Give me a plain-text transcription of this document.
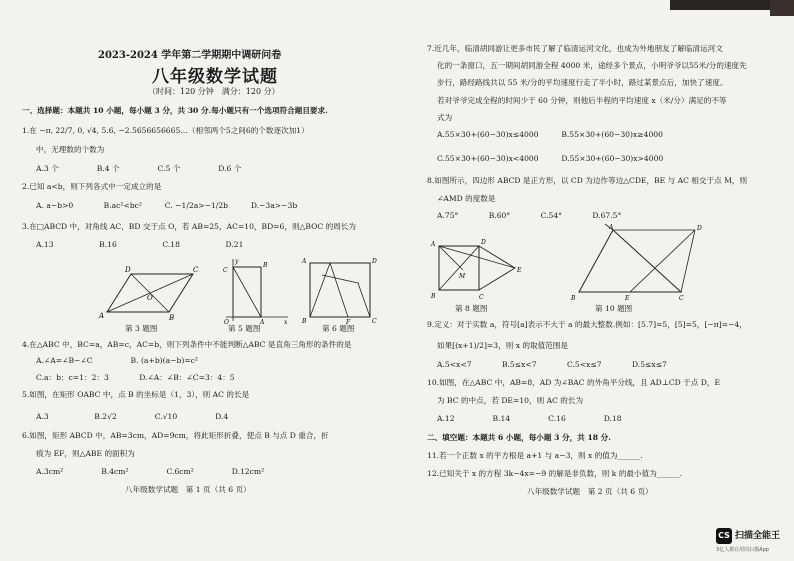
2023-2024 学年第二学期期中调研问卷
八年级数学试题
（时间：120 分钟　满分：120 分）
一、选择题：本题共 10 小题，每小题 3 分，共 30 分.每小题只有一个选项符合题目要求.
1.在 −π, 22/7, 0, √4, 5.6, −2.5656656665…（相邻两个5之间6的个数逐次加1）
中，无理数的个数为
A.3 个　　　　　B.4 个　　　　　C.5 个　　　　　D.6 个
2.已知 a<b，则下列各式中一定成立的是
A. a−b>0　　　　B.ac²<bc²　　　C. −1/2a>−1/2b　　　D.−3a>−3b
3.在□ABCD 中，对角线 AC，BD 交于点 O，若 AB=25，AC=10，BD=6，则△BOC 的周长为
A.13　　　　　　B.16　　　　　　C.18　　　　　　D.21
A
D	C
B
O
第 3 题图
y
C
B
O	A	x
第 5 题图
A	D
B	C
F
第 6 题图
4.在△ABC 中，BC=a，AB=c，AC=b，则下列条件中不能判断△ABC 是直角三角形的条件的是
A.∠A=∠B−∠C　　　　　B. (a+b)(a−b)=c²
C.a：b：c=1：2：3　　　　D.∠A：∠B：∠C=3：4：5
5.如图，在矩形 OABC 中，点 B 的坐标是（1，3），则 AC 的长是
A.3　　　　　　B.2√2　　　　　C.√10　　　　　D.4
6.如图，矩形 ABCD 中，AB=3cm，AD=9cm，将此矩形折叠，使点 B 与点 D 重合，折
痕为 EF，则△ABE 的面积为
A.3cm²　　　　　B.4cm²　　　　　C.6cm²　　　　　D.12cm²
八年级数学试题　第 1 页（共 6 页）
7.近几年，临清胡同游让更多市民了解了临清运河文化，也成为外地朋友了解临清运河文
化的一条窗口，五一期间胡同游全程 4000 米，途经多个景点，小明爷爷以55米/分的速度先
步行，路经路线共以 55 米/分的平均速度行走了半小时，路过某景点后，加快了速度。
若对爷爷完成全程的时间少于 60 分钟，则他后半程的平均速度 x（米/分）满足的不等
式为
A.55×30+(60−30)x≤4000　　　B.55×30+(60−30)x≥4000
C.55×30+(60−30)x<4000　　　D.55×30+(60−30)x>4000
8.如图所示，四边形 ABCD 是正方形，以 CD 为边作等边△CDE，BE 与 AC 相交于点 M，则
∠AMD 的度数是
A.75°　　　　B.60°　　　　C.54°　　　　D.67.5°
A	D
B	C
E
M
第 8 题图
A	D
B	E	C
第 10 题图
9.定义：对于实数 a，符号[a]表示不大于 a 的最大整数.例如：[5.7]=5，[5]=5，[−π]=−4，
如果[(x+1)/2]=3，则 x 的取值范围是
A.5<x<7　　　　B.5≤x<7　　　　C.5<x≤7　　　　D.5≤x≤7
10.如图，在△ABC 中，AB=8，AD 为∠BAC 的外角平分线，且 AD⊥CD 于点 D，E
为 BC 的中点，若 DE=10，则 AC 的长为
A.12　　　　　B.14　　　　　C.16　　　　　D.18
二、填空题：本题共 6 小题，每小题 3 分，共 18 分.
11.若一个正数 x 的平方根是 a+1 与 a−3，则 x 的值为______.
12.已知关于 x 的方程 3k−4x=−9 的解是非负数，则 k 的最小值为______.
八年级数学试题　第 2 页（共 6 页）
CS 扫描全能王
3亿人都在用的扫描App
